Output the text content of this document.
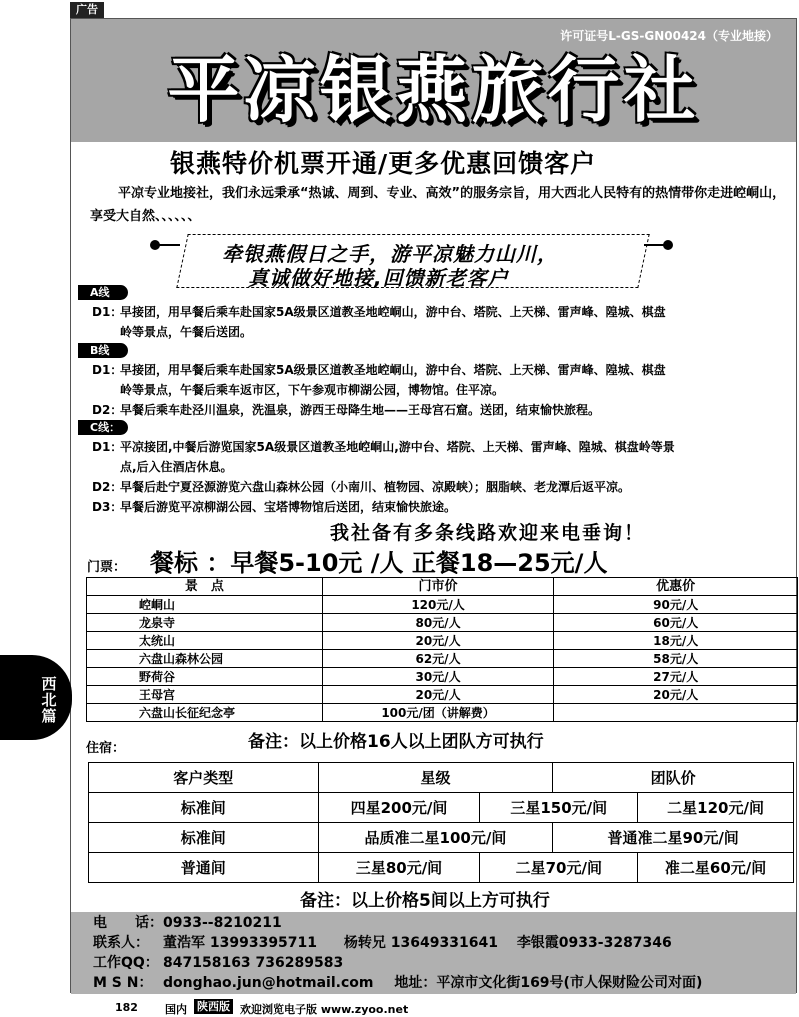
广告
许可证号L-GS-GN00424（专业地接）
平凉银燕旅行社
银燕特价机票开通/更多优惠回馈客户
平凉专业地接社，我们永远秉承“热诚、周到、专业、高效”的服务宗旨，用大西北人民特有的热情带你走进崆峒山，享受大自然、、、、、、
牵银燕假日之手，游平凉魅力山川，
真诚做好地接,回馈新老客户
A线
D1：早接团，用早餐后乘车赴国家5A级景区道教圣地崆峒山，游中台、塔院、上天梯、雷声峰、隍城、棋盘
岭等景点，午餐后送团。
B线
D1：早接团，用早餐后乘车赴国家5A级景区道教圣地崆峒山，游中台、塔院、上天梯、雷声峰、隍城、棋盘
岭等景点，午餐后乘车返市区，下午参观市柳湖公园，博物馆。住平凉。
D2：早餐后乘车赴泾川温泉，洗温泉，游西王母降生地——王母宫石窟。送团，结束愉快旅程。
C线：
D1：平凉接团,中餐后游览国家5A级景区道教圣地崆峒山,游中台、塔院、上天梯、雷声峰、隍城、棋盘岭等景
点,后入住酒店休息。
D2：早餐后赴宁夏泾源游览六盘山森林公园（小南川、植物园、凉殿峡）；胭脂峡、老龙潭后返平凉。
D3：早餐后游览平凉柳湖公园、宝塔博物馆后送团，结束愉快旅途。
我社备有多条线路欢迎来电垂询！
门票： 餐标 ：早餐5-10元 /人 正餐18—25元/人
景　点	门市价	优惠价
崆峒山	120元/人	90元/人
龙泉寺	80元/人	60元/人
太统山	20元/人	18元/人
六盘山森林公园	62元/人	58元/人
野荷谷	30元/人	27元/人
王母宫	20元/人	20元/人
六盘山长征纪念亭	100元/团（讲解费）	
备注：以上价格16人以上团队方可执行
住宿：
客户类型	星级		团队价	
标准间	四星200元/间	三星150元/间		二星120元/间
标准间	品质准二星100元/间		普通准二星90元/间	
普通间	三星80元/间	二星70元/间		准二星60元/间
备注：以上价格5间以上方可执行
电　　话：0933--8210211
联系人： 董浩军 13993395711 杨转兄 13649331641 李银霞0933-3287346
工作QQ： 847158163 736289583
M S N： donghao.jun@hotmail.com 地址：平凉市文化街169号(市人保财险公司对面)
西北篇
182 国内 陕西版 欢迎浏览电子版 www.zyoo.net
